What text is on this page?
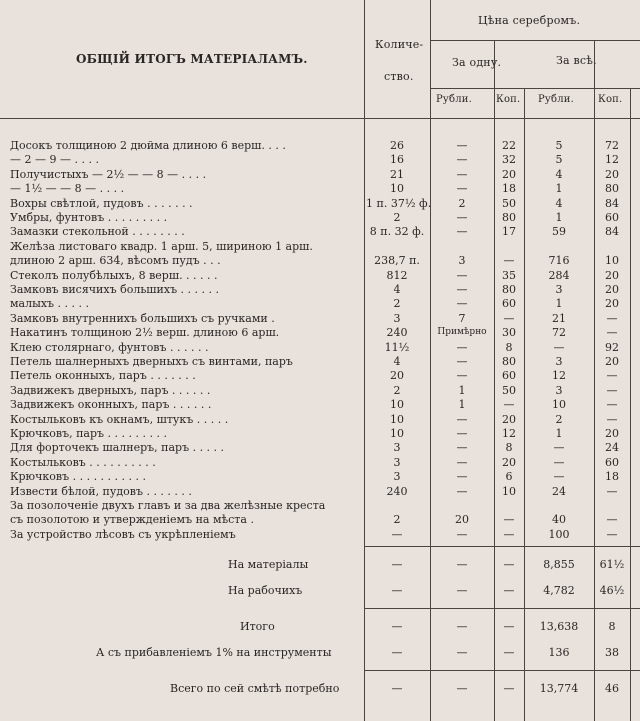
ОБЩІЙ ИТОГЪ МАТЕРІАЛАМЪ.
Количе-
ство.
Цѣна серебромъ.
За одну.	За всѣ.
Рубли. Коп. Рубли. Коп.
Досокъ толщиною 2 дюйма длиною 6 верш. . . .	26	—	22	5	72
— 2 — 9 — . . . .	16	—	32	5	12
Получистыхъ — 2½ — — 8 — . . . .	21	—	20	4	20
— 1½ — — 8 — . . . .	10	—	18	1	80
Вохры свѣтлой, пудовъ . . . . . . .	1 п. 37½ ф.	2	50	4	84
Умбры, фунтовъ . . . . . . . . .	2	—	80	1	60
Замазки стекольной . . . . . . . .	8 п. 32 ф.	—	17	59	84
Желѣза листоваго квадр. 1 арш. 5, шириною 1 арш.
длиною 2 арш. 634, вѣсомъ пудъ . . .	238,7 п.	3	—	716	10
Стеколъ полубѣлыхъ, 8 верш. . . . . .	812	—	35	284	20
Замковъ висячихъ большихъ . . . . . .	4	—	80	3	20
малыхъ . . . . .	2	—	60	1	20
Замковъ внутреннихъ большихъ съ ручками .	3	7	—	21	—
Накатинъ толщиною 2½ верш. длиною 6 арш.	240	Примѣрно	30	72	—
Клею столярнаго, фунтовъ . . . . . .	11½	—	8	—	92
Петель шалнерныхъ дверныхъ съ винтами, паръ	4	—	80	3	20
Петель оконныхъ, паръ . . . . . . .	20	—	60	12	—
Задвижекъ дверныхъ, паръ . . . . . .	2	1	50	3	—
Задвижекъ оконныхъ, паръ . . . . . .	10	1	—	10	—
Костыльковъ къ окнамъ, штукъ . . . . .	10	—	20	2	—
Крючковъ, паръ . . . . . . . . .	10	—	12	1	20
Для форточекъ шалнеръ, паръ . . . . .	3	—	8	—	24
Костыльковъ . . . . . . . . . .	3	—	20	—	60
Крючковъ . . . . . . . . . . .	3	—	6	—	18
Извести бѣлой, пудовъ . . . . . . .	240	—	10	24	—
За позолоченіе двухъ главъ и за два желѣзные креста
съ позолотою и утвержденіемъ на мѣста .	2	20	—	40	—
За устройство лѣсовъ съ укрѣпленіемъ	—	—	—	100	—
На матеріалы	—	—	—	8,855	61½
На рабочихъ	—	—	—	4,782	46½
Итого	—	—	—	13,638	8
А съ прибавленіемъ 1% на инструменты	—	—	—	136	38
Всего по сей смѣтѣ потребно	—	—	—	13,774	46
